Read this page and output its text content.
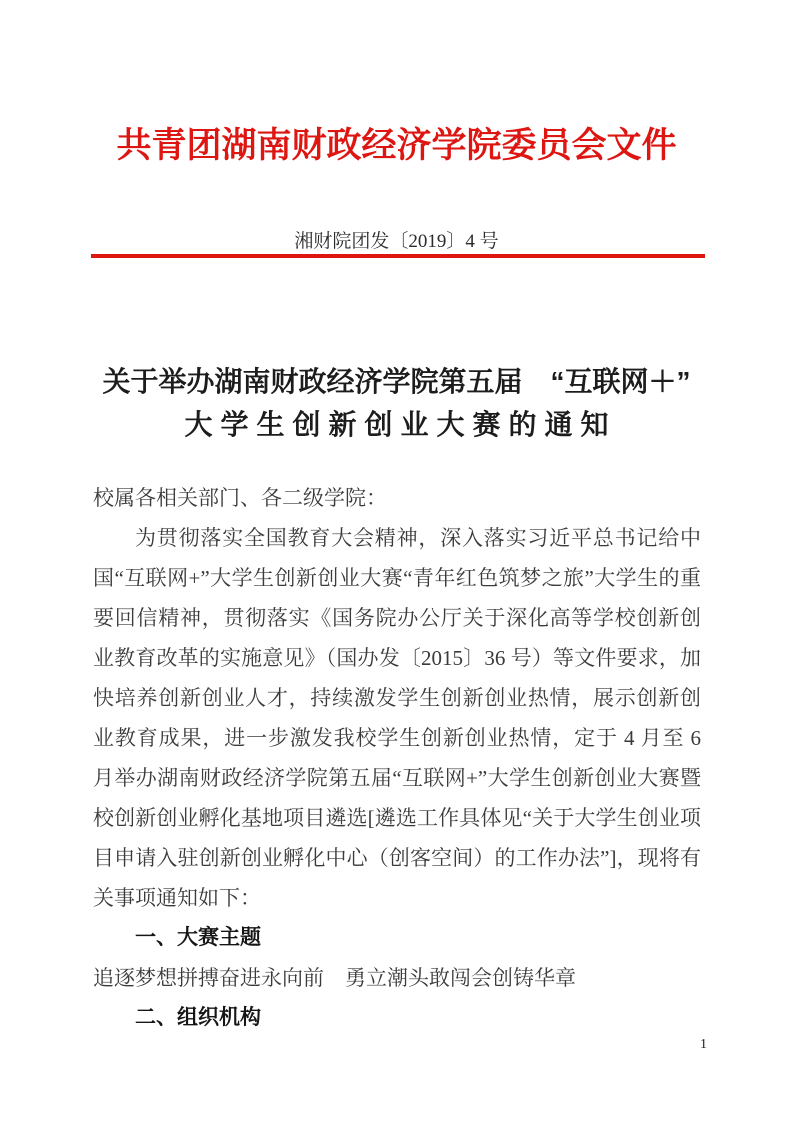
共青团湖南财政经济学院委员会文件
湘财院团发〔2019〕4 号
关于举办湖南财政经济学院第五届　“互联网＋”
大学生创新创业大赛的通知
校属各相关部门、各二级学院：
为贯彻落实全国教育大会精神，深入落实习近平总书记给中国“互联网+”大学生创新创业大赛“青年红色筑梦之旅”大学生的重要回信精神，贯彻落实《国务院办公厅关于深化高等学校创新创业教育改革的实施意见》（国办发〔2015〕36 号）等文件要求，加快培养创新创业人才，持续激发学生创新创业热情，展示创新创业教育成果，进一步激发我校学生创新创业热情，定于 4 月至 6 月举办湖南财政经济学院第五届“互联网+”大学生创新创业大赛暨校创新创业孵化基地项目遴选[遴选工作具体见“关于大学生创业项目申请入驻创新创业孵化中心（创客空间）的工作办法”]，现将有关事项通知如下：
一、大赛主题
追逐梦想拼搏奋进永向前　勇立潮头敢闯会创铸华章
二、组织机构
1
